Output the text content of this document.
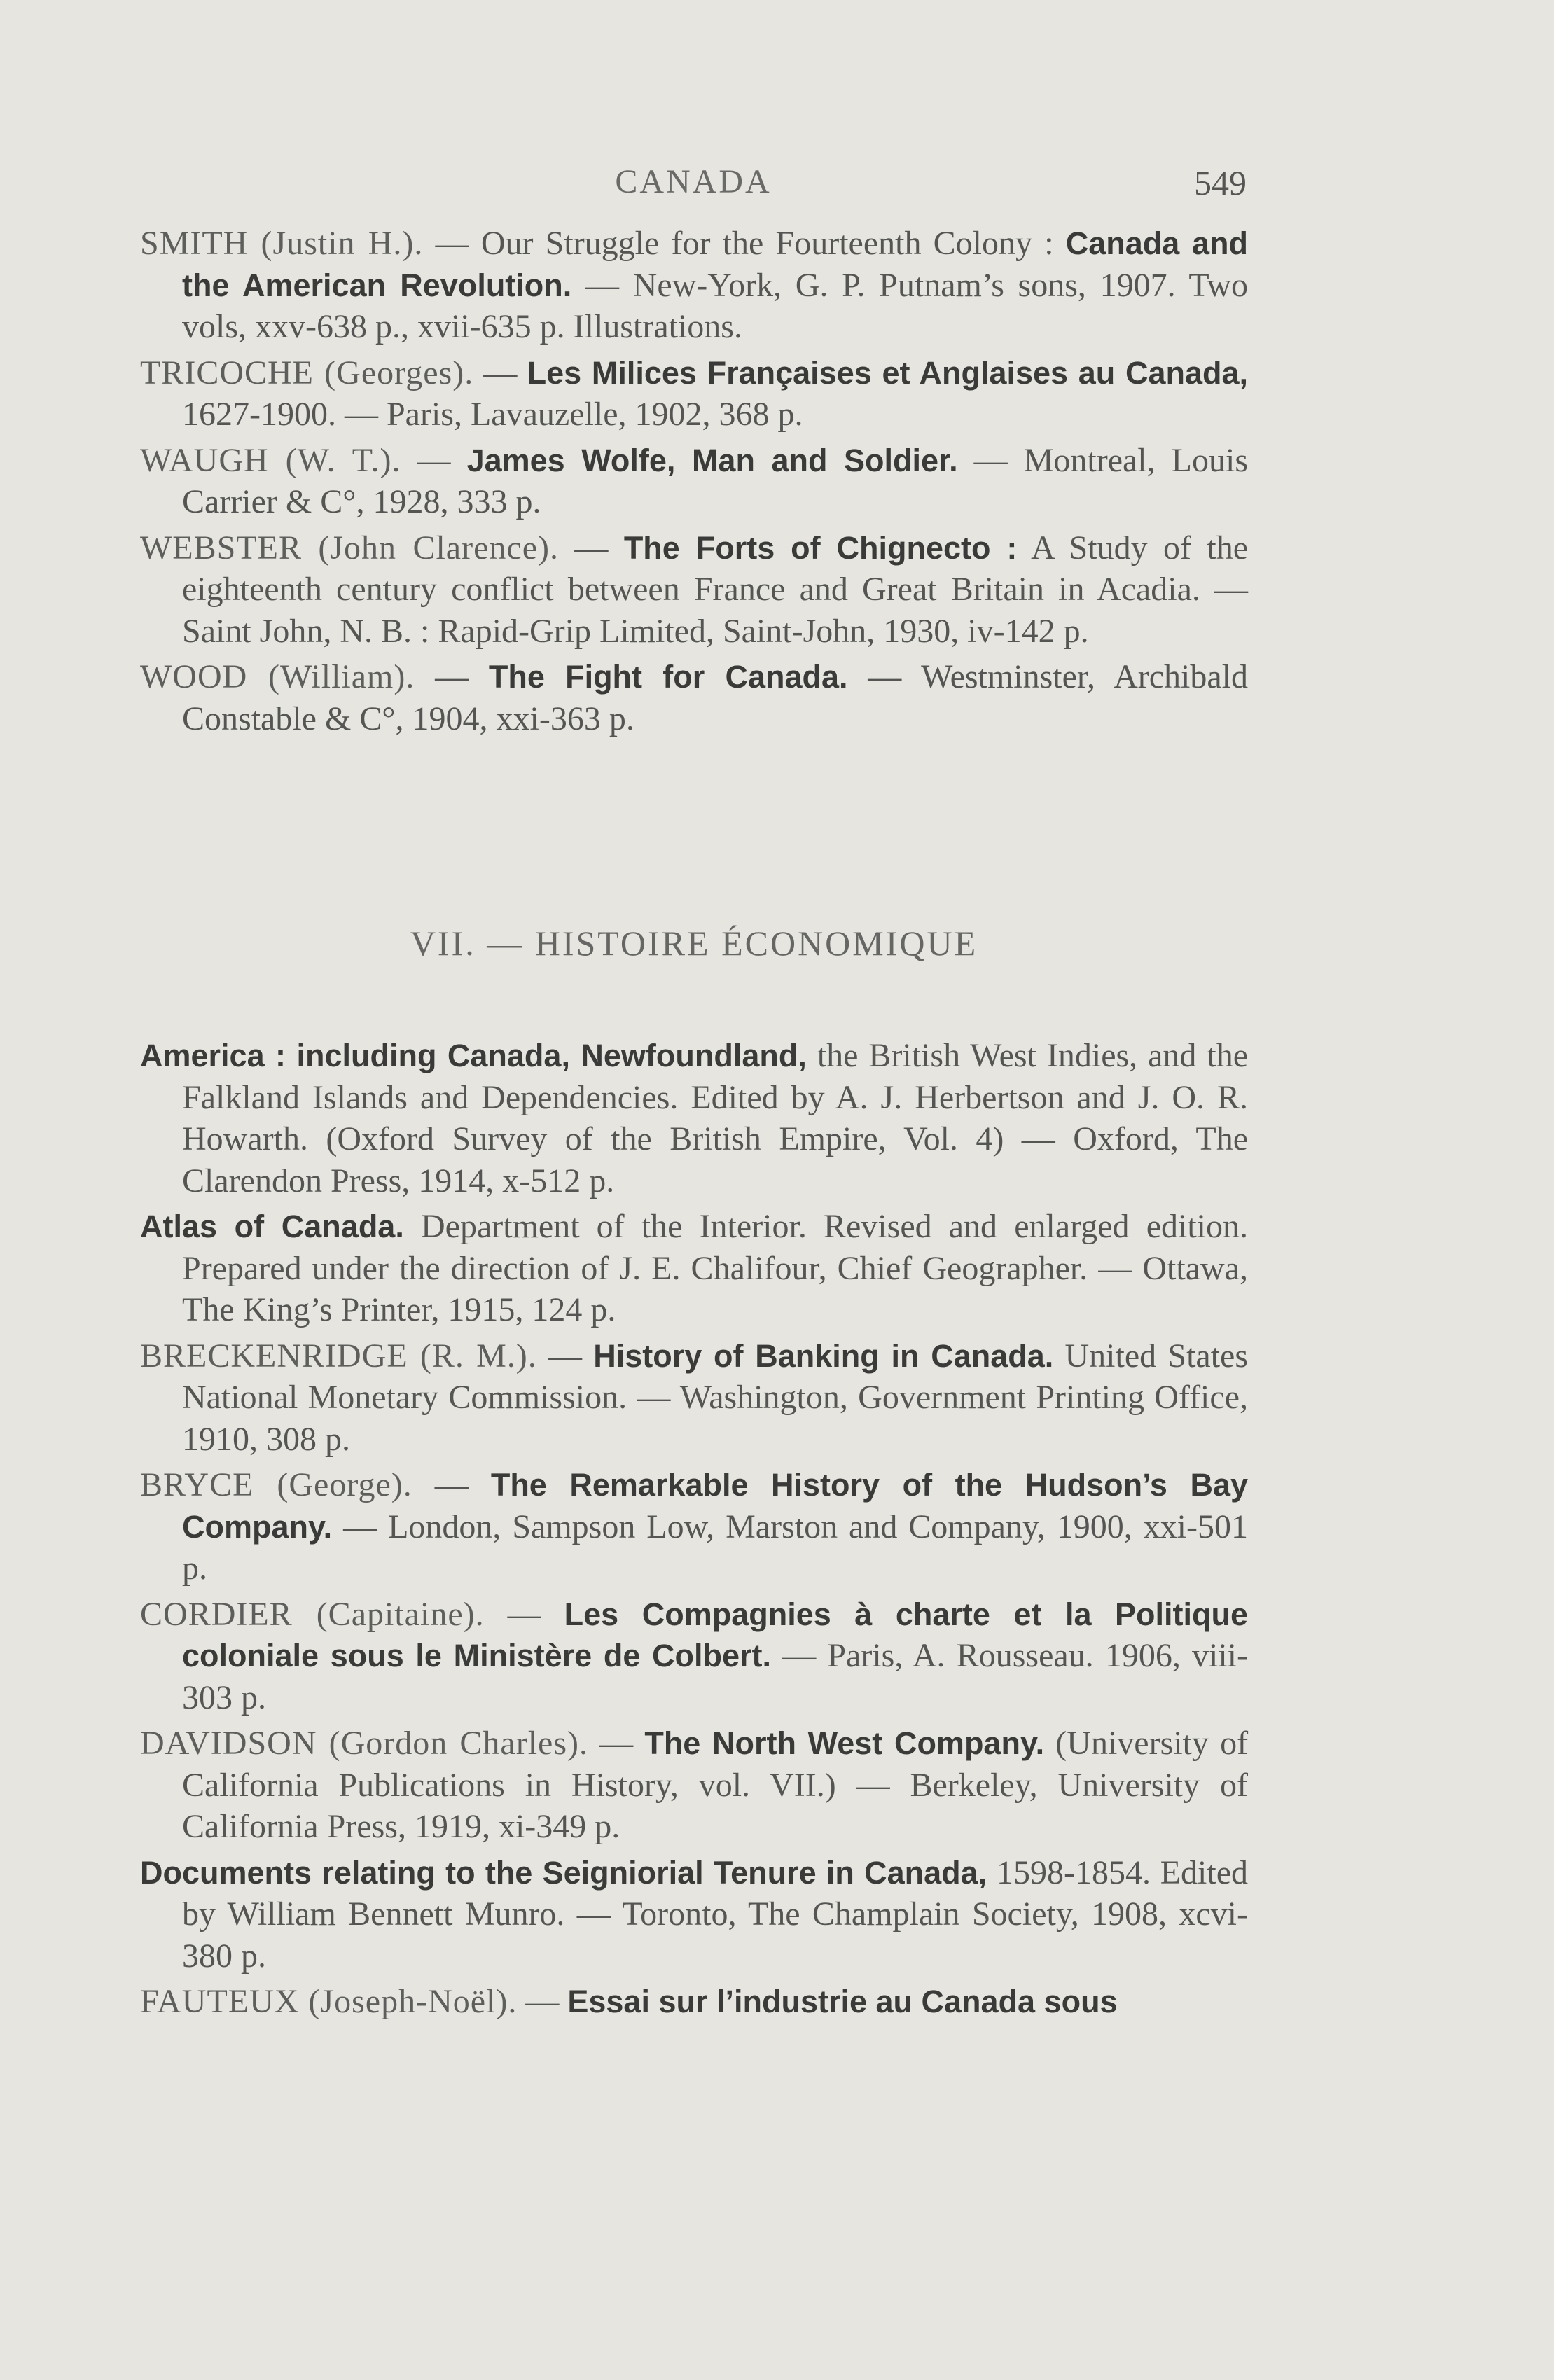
CANADA	549

SMITH (Justin H.). — Our Struggle for the Fourteenth Colony : Canada and the American Revolution. — New-York, G. P. Putnam’s sons, 1907. Two vols, xxv-638 p., xvii-635 p. Illustrations.

TRICOCHE (Georges). — Les Milices Françaises et Anglaises au Canada, 1627-1900. — Paris, Lavauzelle, 1902, 368 p.

WAUGH (W. T.). — James Wolfe, Man and Soldier. — Montreal, Louis Carrier & C°, 1928, 333 p.

WEBSTER (John Clarence). — The Forts of Chignecto : A Study of the eighteenth century conflict between France and Great Britain in Acadia. — Saint John, N. B. : Rapid-Grip Limited, Saint-John, 1930, iv-142 p.

WOOD (William). — The Fight for Canada. — Westminster, Archibald Constable & C°, 1904, xxi-363 p.

VII. — HISTOIRE ÉCONOMIQUE

America : including Canada, Newfoundland, the British West Indies, and the Falkland Islands and Dependencies. Edited by A. J. Herbertson and J. O. R. Howarth. (Oxford Survey of the British Empire, Vol. 4) — Oxford, The Clarendon Press, 1914, x-512 p.

Atlas of Canada. Department of the Interior. Revised and enlarged edition. Prepared under the direction of J. E. Chalifour, Chief Geographer. — Ottawa, The King’s Printer, 1915, 124 p.

BRECKENRIDGE (R. M.). — History of Banking in Canada. United States National Monetary Commission. — Washington, Government Printing Office, 1910, 308 p.

BRYCE (George). — The Remarkable History of the Hudson’s Bay Company. — London, Sampson Low, Marston and Company, 1900, xxi-501 p.

CORDIER (Capitaine). — Les Compagnies à charte et la Politique coloniale sous le Ministère de Colbert. — Paris, A. Rousseau. 1906, viii-303 p.

DAVIDSON (Gordon Charles). — The North West Company. (University of California Publications in History, vol. VII.) — Berkeley, University of California Press, 1919, xi-349 p.

Documents relating to the Seigniorial Tenure in Canada, 1598-1854. Edited by William Bennett Munro. — Toronto, The Champlain Society, 1908, xcvi-380 p.

FAUTEUX (Joseph-Noël). — Essai sur l’industrie au Canada sous
